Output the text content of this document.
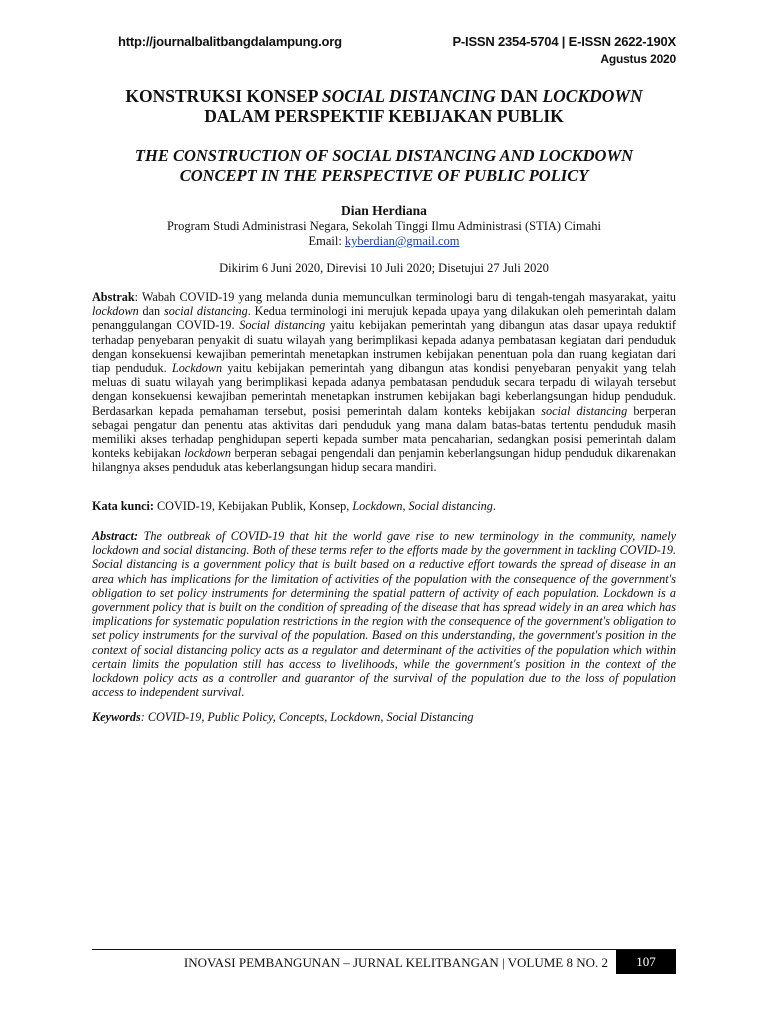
http://journalbalitbangdalampung.org	P-ISSN 2354-5704 | E-ISSN 2622-190X
Agustus 2020
KONSTRUKSI KONSEP SOCIAL DISTANCING DAN LOCKDOWN
DALAM PERSPEKTIF KEBIJAKAN PUBLIK
THE CONSTRUCTION OF SOCIAL DISTANCING AND LOCKDOWN
CONCEPT IN THE PERSPECTIVE OF PUBLIC POLICY
Dian Herdiana
Program Studi Administrasi Negara, Sekolah Tinggi Ilmu Administrasi (STIA) Cimahi
Email: kyberdian@gmail.com
Dikirim 6 Juni 2020, Direvisi 10 Juli 2020; Disetujui 27 Juli 2020
Abstrak: Wabah COVID-19 yang melanda dunia memunculkan terminologi baru di tengah-tengah masyarakat, yaitu lockdown dan social distancing. Kedua terminologi ini merujuk kepada upaya yang dilakukan oleh pemerintah dalam penanggulangan COVID-19. Social distancing yaitu kebijakan pemerintah yang dibangun atas dasar upaya reduktif terhadap penyebaran penyakit di suatu wilayah yang berimplikasi kepada adanya pembatasan kegiatan dari penduduk dengan konsekuensi kewajiban pemerintah menetapkan instrumen kebijakan penentuan pola dan ruang kegiatan dari tiap penduduk. Lockdown yaitu kebijakan pemerintah yang dibangun atas kondisi penyebaran penyakit yang telah meluas di suatu wilayah yang berimplikasi kepada adanya pembatasan penduduk secara terpadu di wilayah tersebut dengan konsekuensi kewajiban pemerintah menetapkan instrumen kebijakan bagi keberlangsungan hidup penduduk. Berdasarkan kepada pemahaman tersebut, posisi pemerintah dalam konteks kebijakan social distancing berperan sebagai pengatur dan penentu atas aktivitas dari penduduk yang mana dalam batas-batas tertentu penduduk masih memiliki akses terhadap penghidupan seperti kepada sumber mata pencaharian, sedangkan posisi pemerintah dalam konteks kebijakan lockdown berperan sebagai pengendali dan penjamin keberlangsungan hidup penduduk dikarenakan hilangnya akses penduduk atas keberlangsungan hidup secara mandiri.
Kata kunci: COVID-19, Kebijakan Publik, Konsep, Lockdown, Social distancing.
Abstract: The outbreak of COVID-19 that hit the world gave rise to new terminology in the community, namely lockdown and social distancing. Both of these terms refer to the efforts made by the government in tackling COVID-19. Social distancing is a government policy that is built based on a reductive effort towards the spread of disease in an area which has implications for the limitation of activities of the population with the consequence of the government's obligation to set policy instruments for determining the spatial pattern of activity of each population. Lockdown is a government policy that is built on the condition of spreading of the disease that has spread widely in an area which has implications for systematic population restrictions in the region with the consequence of the government's obligation to set policy instruments for the survival of the population. Based on this understanding, the government's position in the context of social distancing policy acts as a regulator and determinant of the activities of the population which within certain limits the population still has access to livelihoods, while the government's position in the context of the lockdown policy acts as a controller and guarantor of the survival of the population due to the loss of population access to independent survival.
Keywords: COVID-19, Public Policy, Concepts, Lockdown, Social Distancing
INOVASI PEMBANGUNAN – JURNAL KELITBANGAN | VOLUME 8 NO. 2	107
